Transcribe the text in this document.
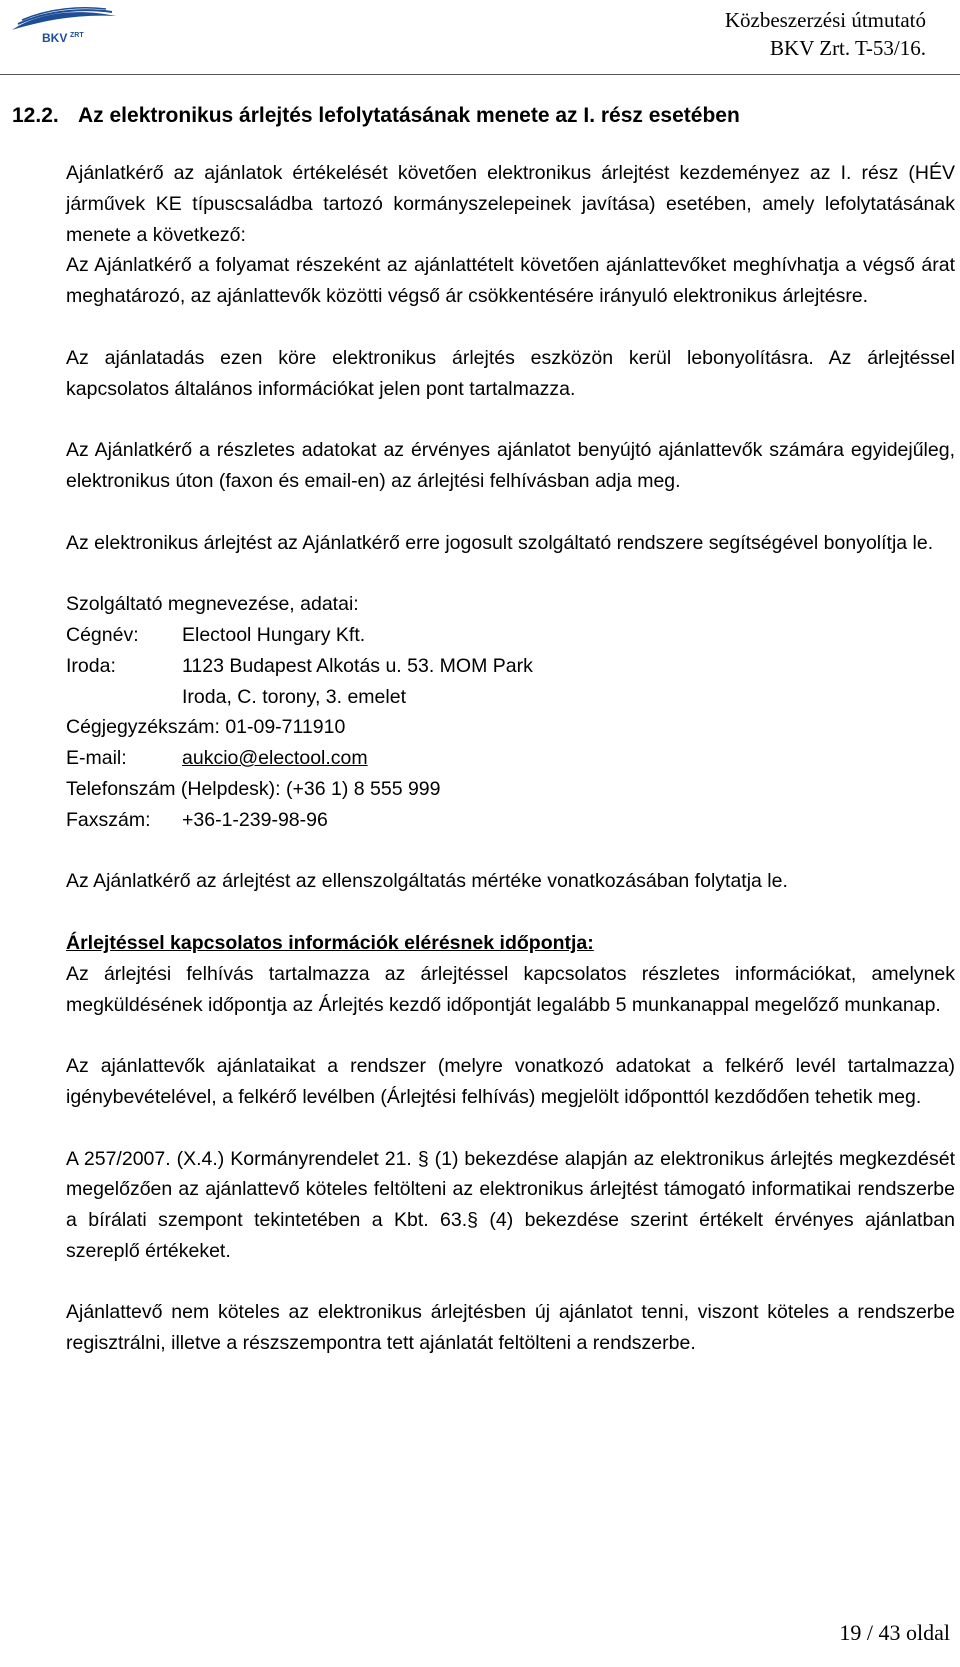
BKV ZRT
Közbeszerzési útmutató
BKV Zrt. T-53/16.
12.2. Az elektronikus árlejtés lefolytatásának menete az I. rész esetében

Ajánlatkérő az ajánlatok értékelését követően elektronikus árlejtést kezdeményez az I. rész (HÉV járművek KE típuscsaládba tartozó kormányszelepeinek javítása) esetében, amely lefolytatásának menete a következő:

Az Ajánlatkérő a folyamat részeként az ajánlattételt követően ajánlattevőket meghívhatja a végső árat meghatározó, az ajánlattevők közötti végső ár csökkentésére irányuló elektronikus árlejtésre.

Az ajánlatadás ezen köre elektronikus árlejtés eszközön kerül lebonyolításra. Az árlejtéssel kapcsolatos általános információkat jelen pont tartalmazza.

Az Ajánlatkérő a részletes adatokat az érvényes ajánlatot benyújtó ajánlattevők számára egyidejűleg, elektronikus úton (faxon és email-en) az árlejtési felhívásban adja meg.

Az elektronikus árlejtést az Ajánlatkérő erre jogosult szolgáltató rendszere segítségével bonyolítja le.

Szolgáltató megnevezése, adatai:
Cégnév:	Electool Hungary Kft.
Iroda:	1123 Budapest Alkotás u. 53. MOM Park
Iroda, C. torony, 3. emelet
Cégjegyzékszám: 01-09-711910
E-mail:	aukcio@electool.com
Telefonszám (Helpdesk): (+36 1) 8 555 999
Faxszám:	+36-1-239-98-96

Az Ajánlatkérő az árlejtést az ellenszolgáltatás mértéke vonatkozásában folytatja le.

Árlejtéssel kapcsolatos információk elérésnek időpontja:

Az árlejtési felhívás tartalmazza az árlejtéssel kapcsolatos részletes információkat, amelynek megküldésének időpontja az Árlejtés kezdő időpontját legalább 5 munkanappal megelőző munkanap.

Az ajánlattevők ajánlataikat a rendszer (melyre vonatkozó adatokat a felkérő levél tartalmazza) igénybevételével, a felkérő levélben (Árlejtési felhívás) megjelölt időponttól kezdődően tehetik meg.

A 257/2007. (X.4.) Kormányrendelet 21. § (1) bekezdése alapján az elektronikus árlejtés megkezdését megelőzően az ajánlattevő köteles feltölteni az elektronikus árlejtést támogató informatikai rendszerbe a bírálati szempont tekintetében a Kbt. 63.§ (4) bekezdése szerint értékelt érvényes ajánlatban szereplő értékeket.

Ajánlattevő nem köteles az elektronikus árlejtésben új ajánlatot tenni, viszont köteles a rendszerbe regisztrálni, illetve a részszempontra tett ajánlatát feltölteni a rendszerbe.

19 / 43 oldal
